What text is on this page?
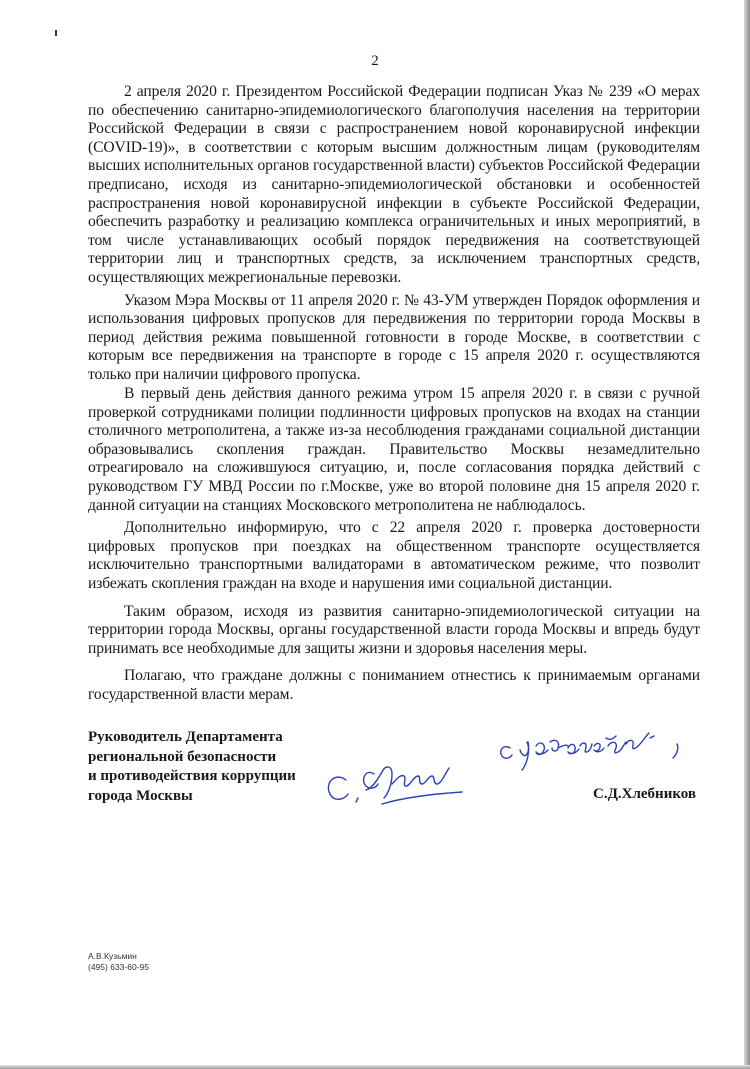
2

2 апреля 2020 г. Президентом Российской Федерации подписан Указ № 239 «О мерах по обеспечению санитарно-эпидемиологического благополучия населения на территории Российской Федерации в связи с распространением новой коронавирусной инфекции (COVID-19)», в соответствии с которым высшим должностным лицам (руководителям высших исполнительных органов государственной власти) субъектов Российской Федерации предписано, исходя из санитарно-эпидемиологической обстановки и особенностей распространения новой коронавирусной инфекции в субъекте Российской Федерации, обеспечить разработку и реализацию комплекса ограничительных и иных мероприятий, в том числе устанавливающих особый порядок передвижения на соответствующей территории лиц и транспортных средств, за исключением транспортных средств, осуществляющих межрегиональные перевозки.

Указом Мэра Москвы от 11 апреля 2020 г. № 43-УМ утвержден Порядок оформления и использования цифровых пропусков для передвижения по территории города Москвы в период действия режима повышенной готовности в городе Москве, в соответствии с которым все передвижения на транспорте в городе с 15 апреля 2020 г. осуществляются только при наличии цифрового пропуска.

В первый день действия данного режима утром 15 апреля 2020 г. в связи с ручной проверкой сотрудниками полиции подлинности цифровых пропусков на входах на станции столичного метрополитена, а также из-за несоблюдения гражданами социальной дистанции образовывались скопления граждан. Правительство Москвы незамедлительно отреагировало на сложившуюся ситуацию, и, после согласования порядка действий с руководством ГУ МВД России по г.Москве, уже во второй половине дня 15 апреля 2020 г. данной ситуации на станциях Московского метрополитена не наблюдалось.

Дополнительно информирую, что с 22 апреля 2020 г. проверка достоверности цифровых пропусков при поездках на общественном транспорте осуществляется исключительно транспортными валидаторами в автоматическом режиме, что позволит избежать скопления граждан на входе и нарушения ими социальной дистанции.

Таким образом, исходя из развития санитарно-эпидемиологической ситуации на территории города Москвы, органы государственной власти города Москвы и впредь будут принимать все необходимые для защиты жизни и здоровья населения меры.

Полагаю, что граждане должны с пониманием отнестись к принимаемым органами государственной власти мерам.

Руководитель Департамента
региональной безопасности
и противодействия коррупции
города Москвы	С.Д.Хлебников
А.В.Кузьмин
(495) 633-60-95
